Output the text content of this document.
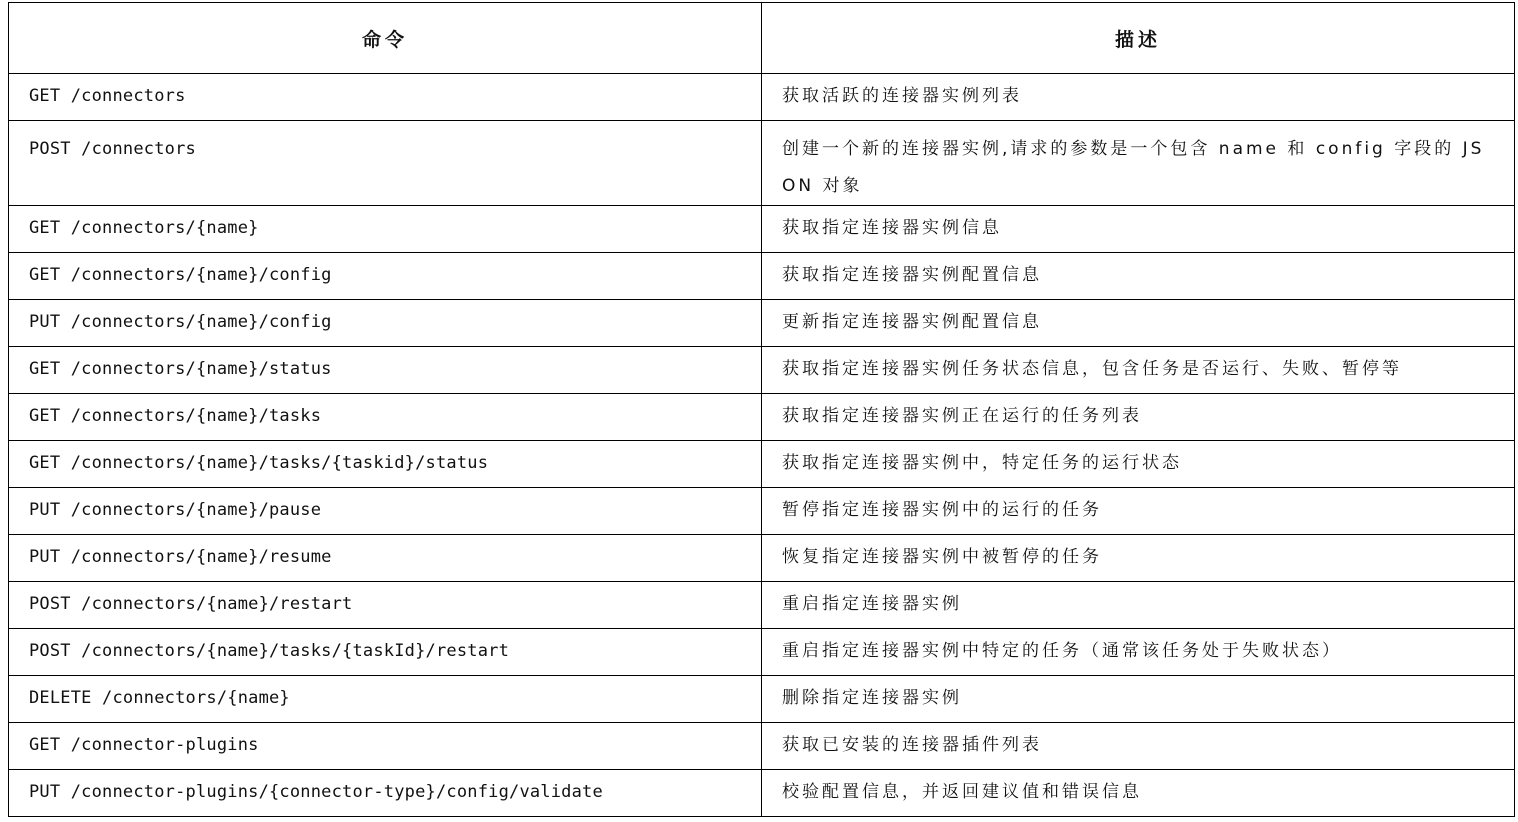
命令	描述
GET /connectors	获取活跃的连接器实例列表
POST /connectors	创建一个新的连接器实例,请求的参数是一个包含 name 和 config 字段的 JSON 对象
GET /connectors/{name}	获取指定连接器实例信息
GET /connectors/{name}/config	获取指定连接器实例配置信息
PUT /connectors/{name}/config	更新指定连接器实例配置信息
GET /connectors/{name}/status	获取指定连接器实例任务状态信息，包含任务是否运行、失败、暂停等
GET /connectors/{name}/tasks	获取指定连接器实例正在运行的任务列表
GET /connectors/{name}/tasks/{taskid}/status	获取指定连接器实例中，特定任务的运行状态
PUT /connectors/{name}/pause	暂停指定连接器实例中的运行的任务
PUT /connectors/{name}/resume	恢复指定连接器实例中被暂停的任务
POST /connectors/{name}/restart	重启指定连接器实例
POST /connectors/{name}/tasks/{taskId}/restart	重启指定连接器实例中特定的任务（通常该任务处于失败状态）
DELETE /connectors/{name}	删除指定连接器实例
GET /connector-plugins	获取已安装的连接器插件列表
PUT /connector-plugins/{connector-type}/config/validate	校验配置信息，并返回建议值和错误信息
